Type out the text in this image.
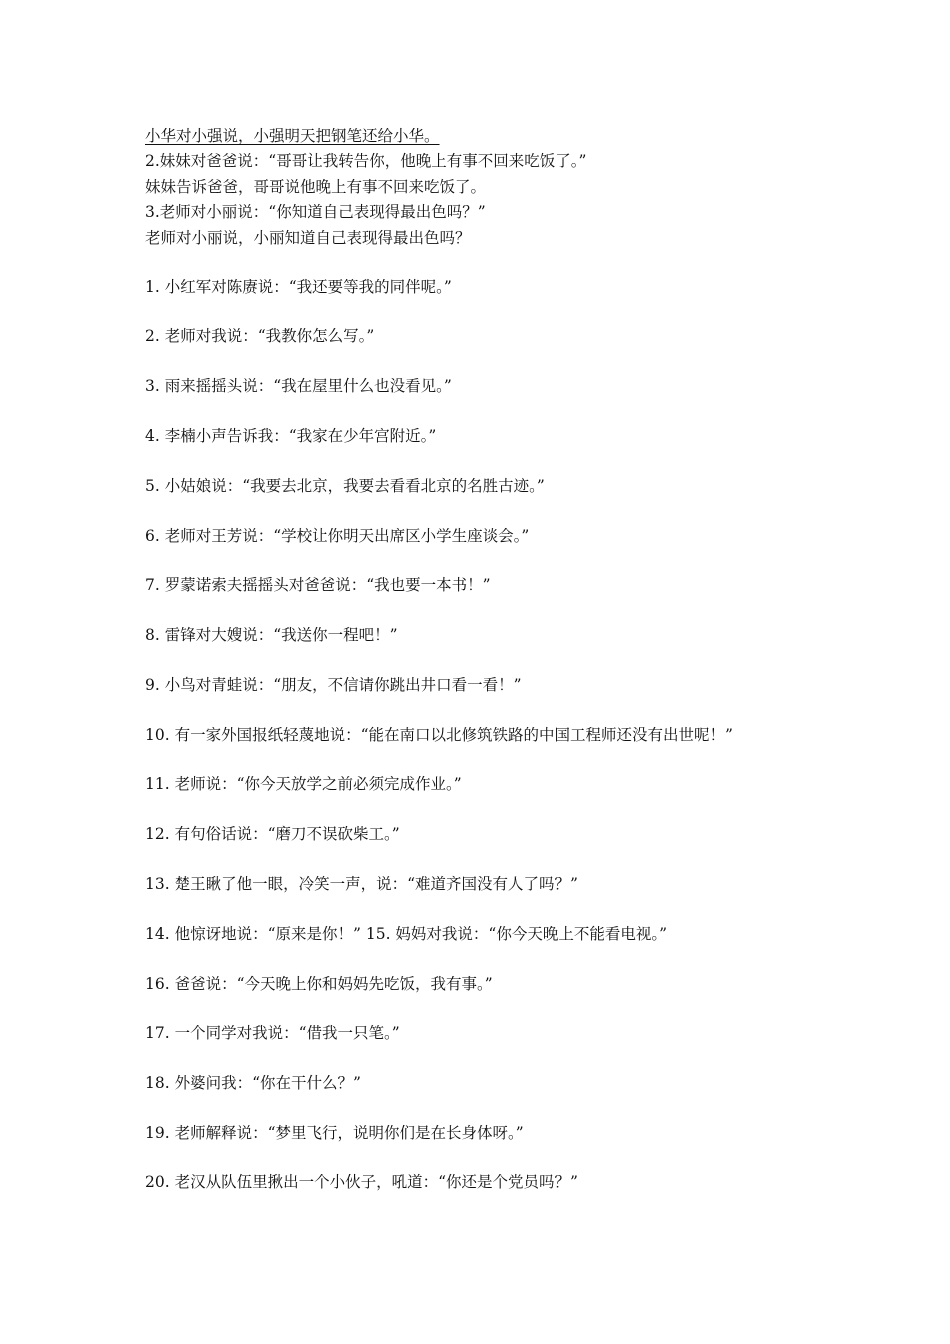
小华对小强说，小强明天把钢笔还给小华。
2.妹妹对爸爸说：“哥哥让我转告你，他晚上有事不回来吃饭了。”
妹妹告诉爸爸，哥哥说他晚上有事不回来吃饭了。
3.老师对小丽说：“你知道自己表现得最出色吗？”
老师对小丽说，小丽知道自己表现得最出色吗？
1. 小红军对陈赓说：“我还要等我的同伴呢。”
2. 老师对我说：“我教你怎么写。”
3. 雨来摇摇头说：“我在屋里什么也没看见。”
4. 李楠小声告诉我：“我家在少年宫附近。”
5. 小姑娘说：“我要去北京，我要去看看北京的名胜古迹。”
6. 老师对王芳说：“学校让你明天出席区小学生座谈会。”
7. 罗蒙诺索夫摇摇头对爸爸说：“我也要一本书！”
8. 雷锋对大嫂说：“我送你一程吧！”
9. 小鸟对青蛙说：“朋友，不信请你跳出井口看一看！”
10. 有一家外国报纸轻蔑地说：“能在南口以北修筑铁路的中国工程师还没有出世呢！”
11. 老师说：“你今天放学之前必须完成作业。”
12. 有句俗话说：“磨刀不误砍柴工。”
13. 楚王瞅了他一眼，冷笑一声，说：“难道齐国没有人了吗？”
14. 他惊讶地说：“原来是你！” 15. 妈妈对我说：“你今天晚上不能看电视。”
16. 爸爸说：“今天晚上你和妈妈先吃饭，我有事。”
17. 一个同学对我说：“借我一只笔。”
18. 外婆问我：“你在干什么？”
19. 老师解释说：“梦里飞行，说明你们是在长身体呀。”
20. 老汉从队伍里揪出一个小伙子，吼道：“你还是个党员吗？”
